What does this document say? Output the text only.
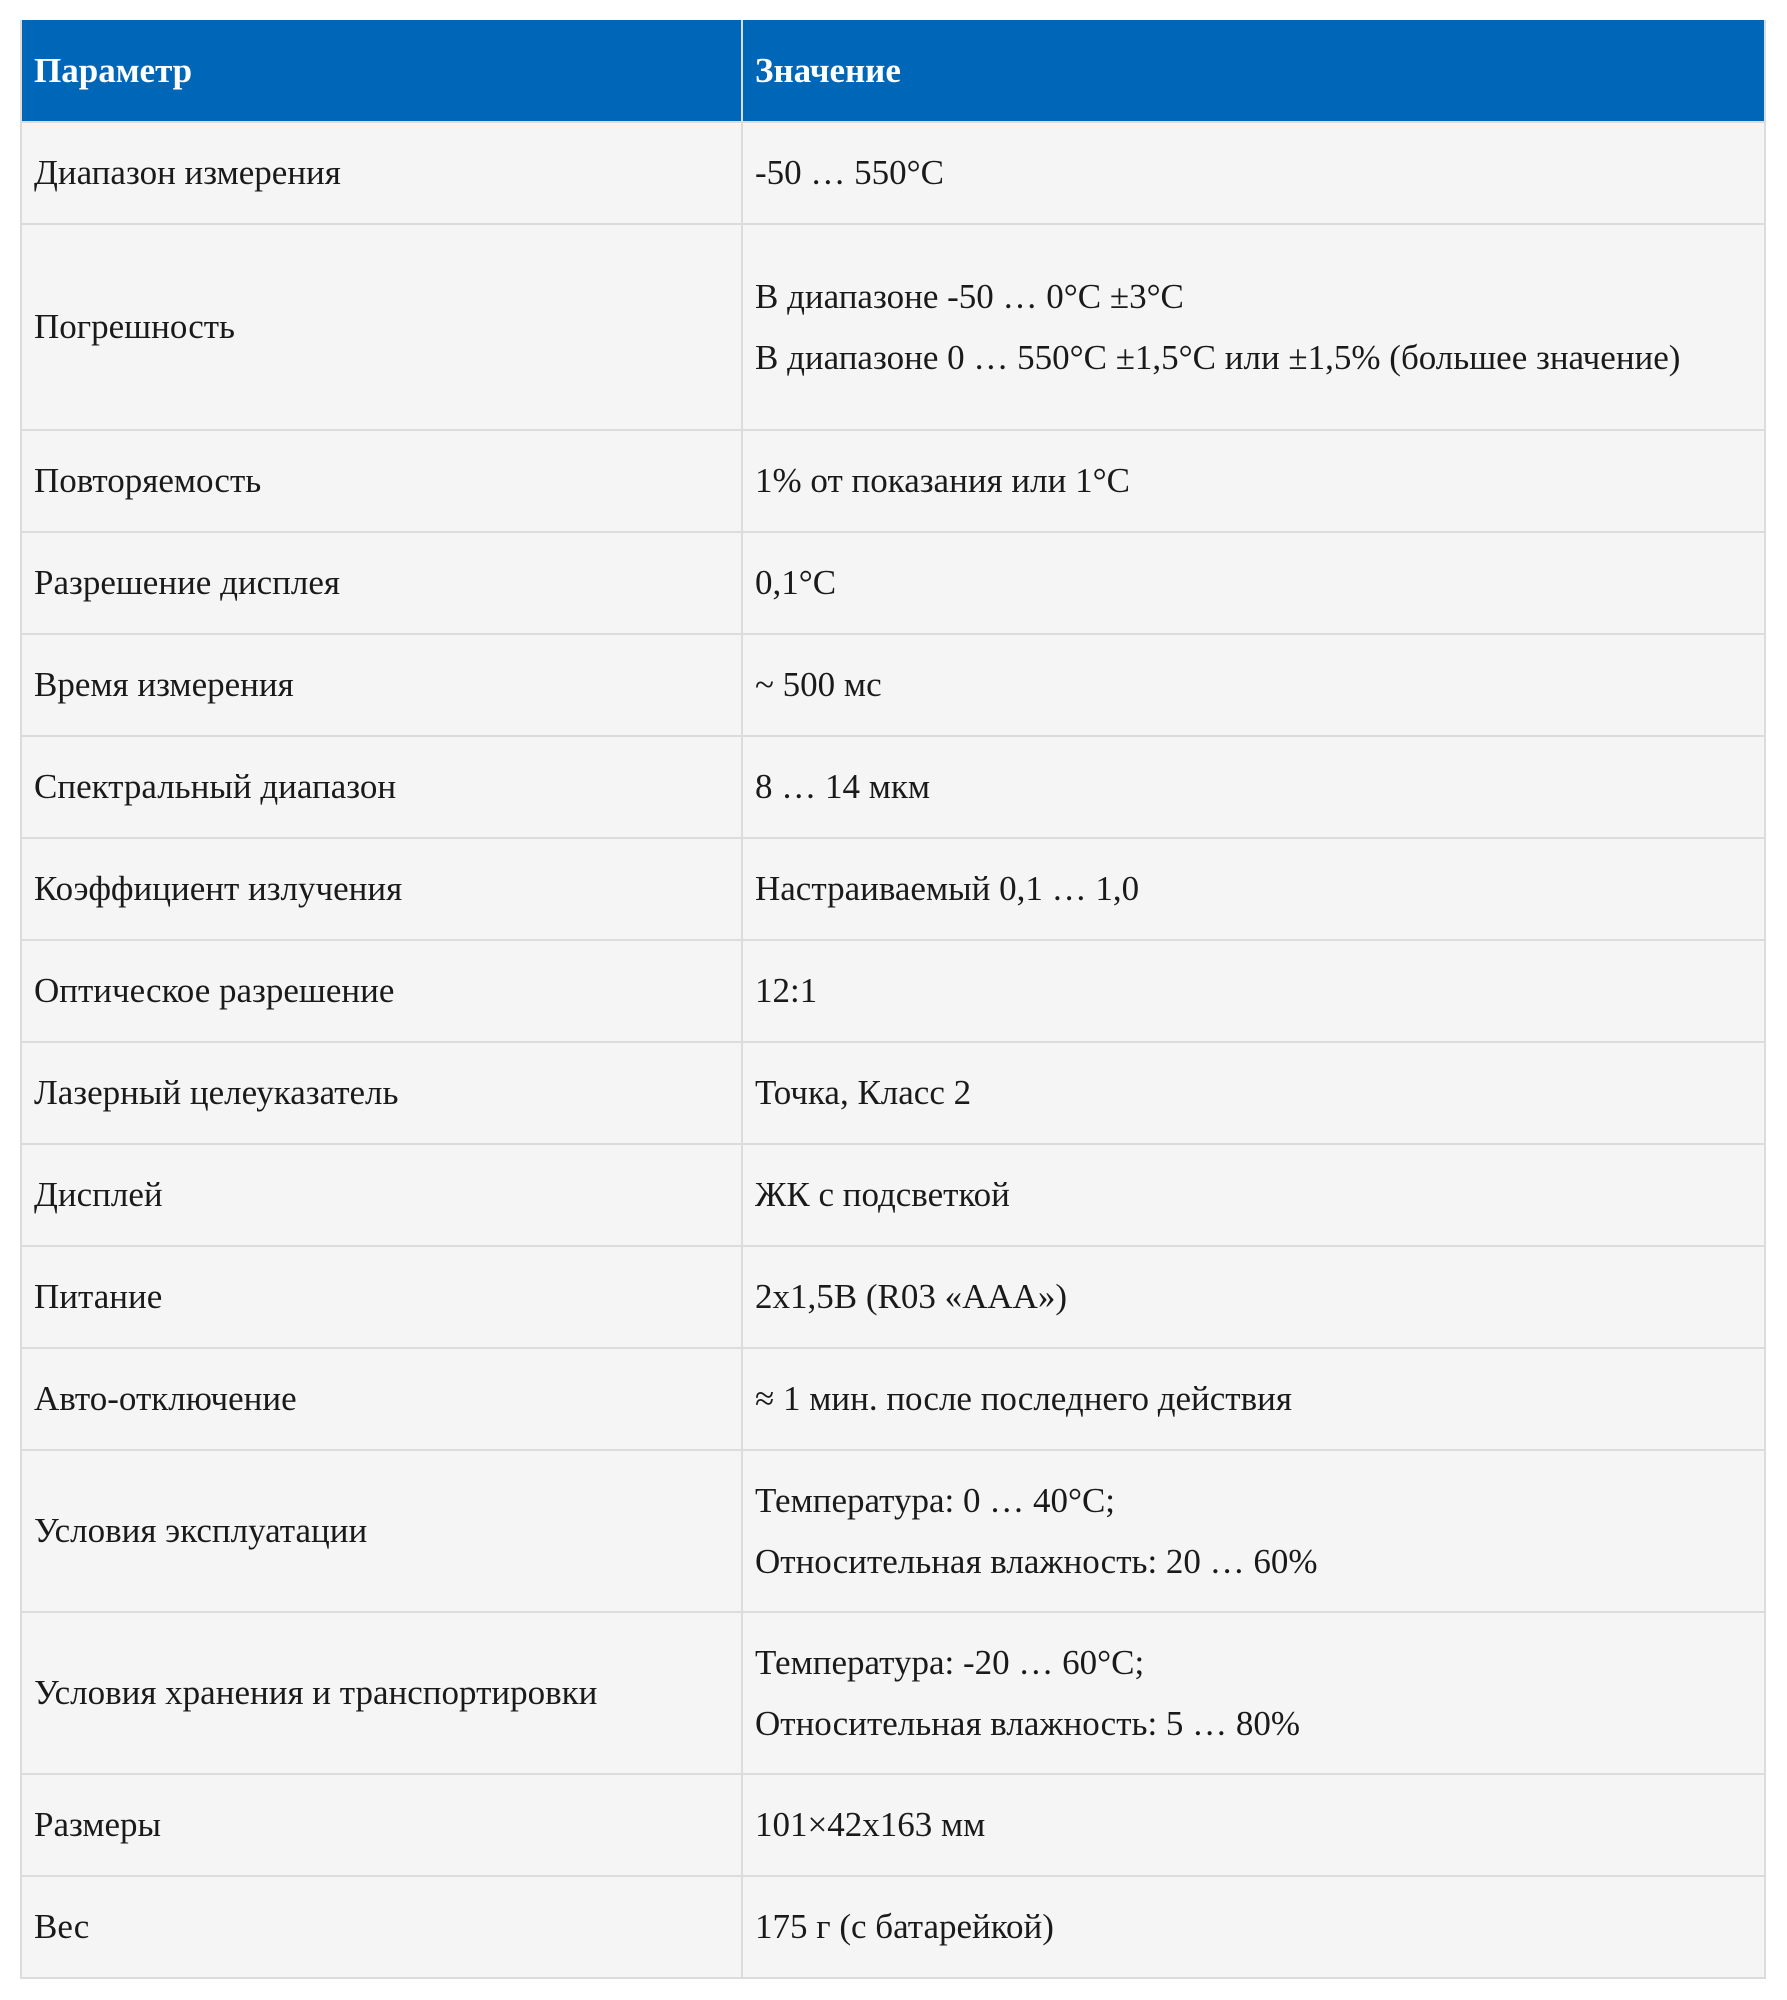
Параметр	Значение
Диапазон измерения	-50 … 550°C

Погрешность	В диапазоне -50 … 0°C ±3°C
В диапазоне 0 … 550°C ±1,5°C или ±1,5% (большее значение)

Повторяемость	1% от показания или 1°C

Разрешение дисплея	0,1°C

Время измерения	~ 500 мс

Спектральный диапазон	8 … 14 мкм

Коэффициент излучения	Настраиваемый 0,1 … 1,0

Оптическое разрешение	12:1

Лазерный целеуказатель	Точка, Класс 2

Дисплей	ЖК с подсветкой

Питание	2x1,5В (R03 «ААА»)

Авто-отключение	≈ 1 мин. после последнего действия

Условия эксплуатации	Температура: 0 … 40°C;
Относительная влажность: 20 … 60%

Условия хранения и транспортировки	Температура: -20 … 60°C;
Относительная влажность: 5 … 80%

Размеры	101×42x163 мм

Вес	175 г (с батарейкой)
